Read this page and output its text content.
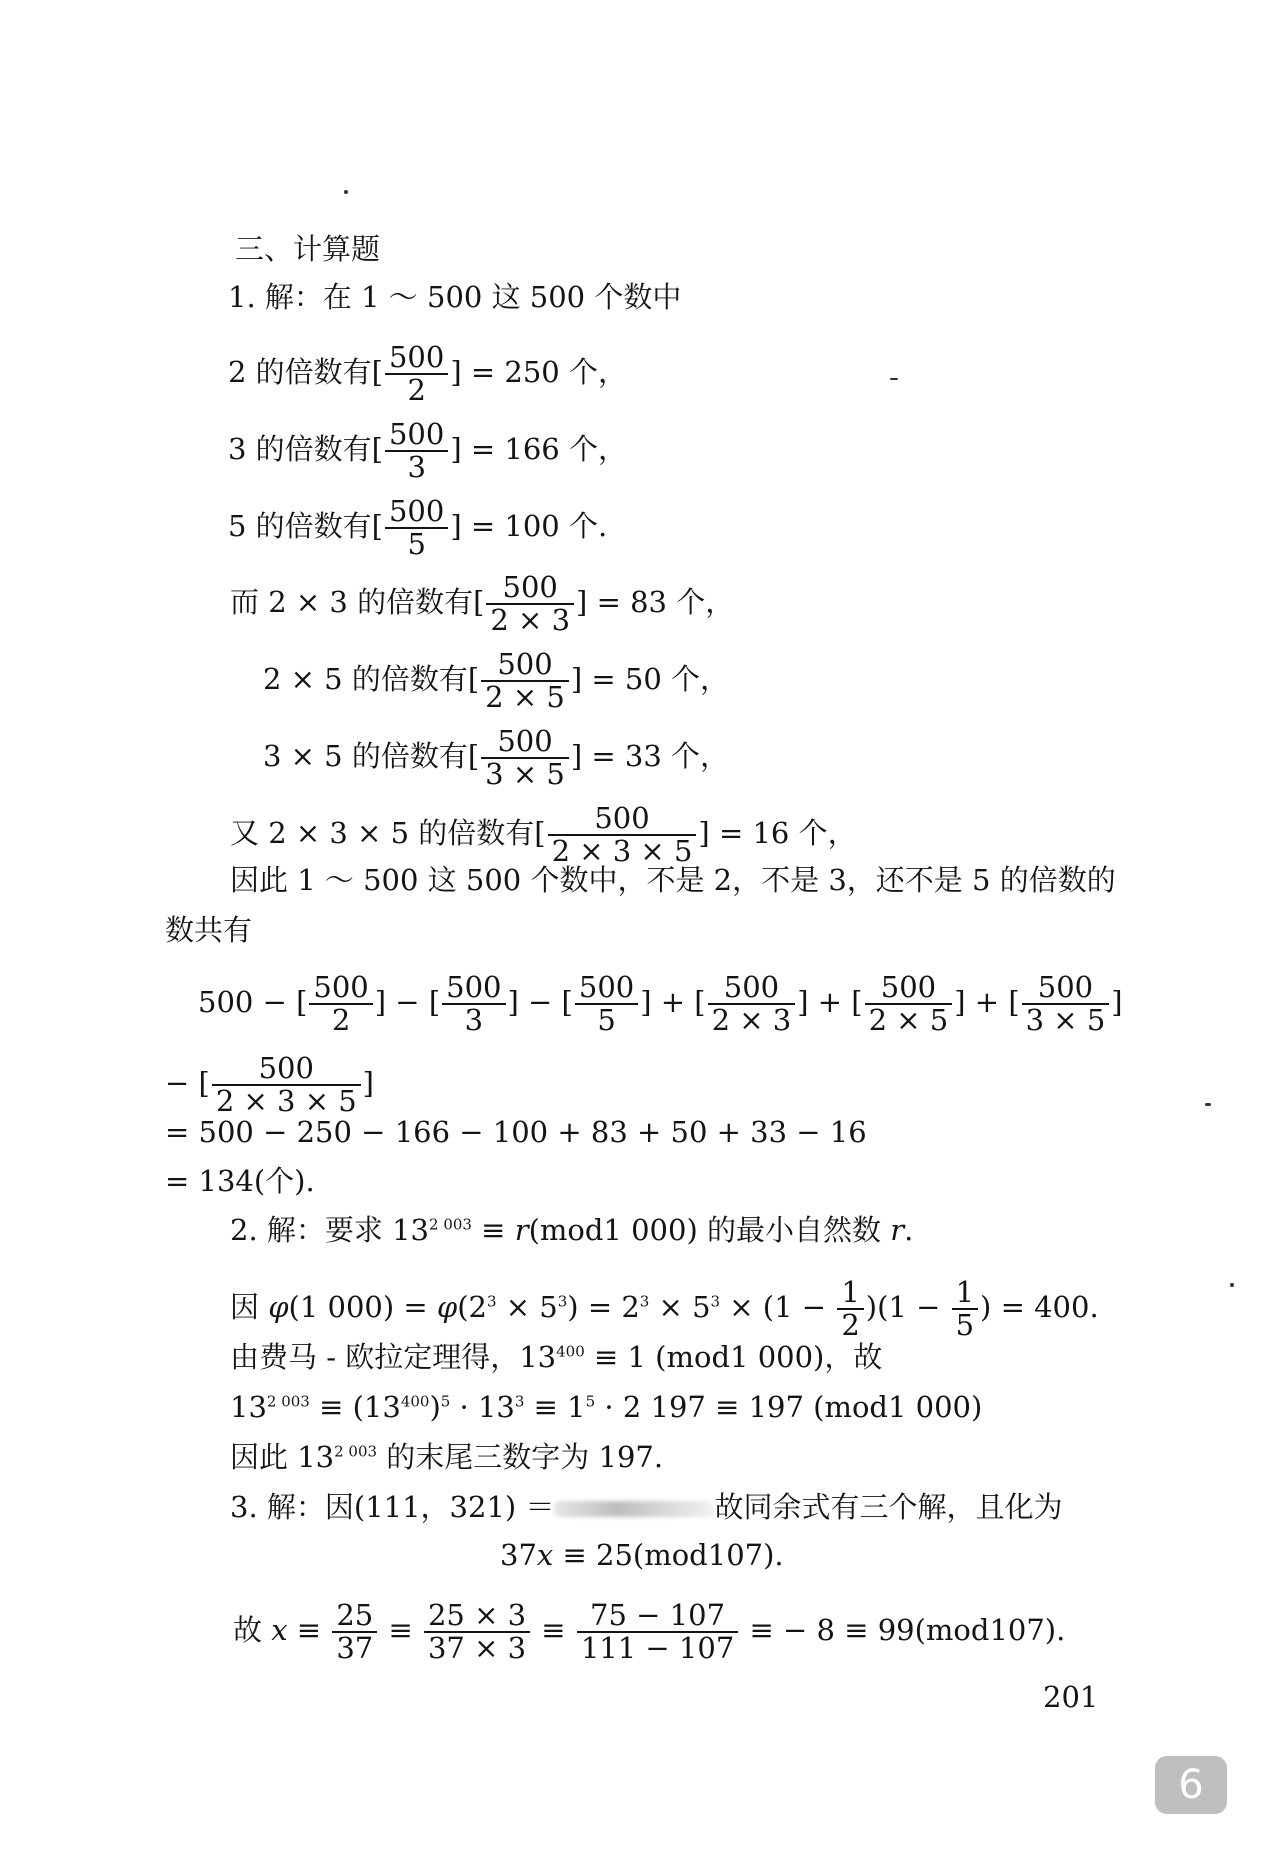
三、计算题
1. 解：在 1 ～ 500 这 500 个数中
2 的倍数有[ $\frac{500}{2}$ ] = 250 个，
3 的倍数有[ $\frac{500}{3}$ ] = 166 个，
5 的倍数有[ $\frac{500}{5}$ ] = 100 个.
而 2 × 3 的倍数有[ $\frac{500}{2 \times 3}$ ] = 83 个，
2 × 5 的倍数有[ $\frac{500}{2 \times 5}$ ] = 50 个，
3 × 5 的倍数有[ $\frac{500}{3 \times 5}$ ] = 33 个，
又 2 × 3 × 5 的倍数有[ $\frac{500}{2 \times 3 \times 5}$ ] = 16 个，
因此 1 ～ 500 这 500 个数中，不是 2，不是 3，还不是 5 的倍数的
数共有
500 − [ $\frac{500}{2}$ ] − [ $\frac{500}{3}$ ] − [ $\frac{500}{5}$ ] + [ $\frac{500}{2 \times 3}$ ] + [ $\frac{500}{2 \times 5}$ ] + [ $\frac{500}{3 \times 5}$ ]
− [ $\frac{500}{2 \times 3 \times 5}$ ]
= 500 − 250 − 166 − 100 + 83 + 50 + 33 − 16
= 134(个).
2. 解：要求 $13^{2 003} \equiv r(mod1$ 000) 的最小自然数 r.
因 φ(1 $000) = \varphi(2^3 \times 5^3) = 2^3 \times 5^3 \times (1 - \frac{1}{2} )(1 - \frac{1}{5}$ ) = 400.
由费马 - 欧拉定理得，$13^{400} \equiv 1$ (mod1 000)，故
$13^{2 003} \equiv (13^{400})^5 \cdot 13^3 \equiv 1^5 \cdot 2$ 197 ≡ 197 (mod1 000)
因此 $13^{2 003}$ 的末尾三数字为 197.
3. 解：因(111，321) ＝	故同余式有三个解，且化为
37x ≡ 25(mod107).
故 $x \equiv \frac{25}{37} \equiv \frac{25 \times 3}{37 \times 3} \equiv \frac{75 - 107}{111 - 107}$ ≡ − 8 ≡ 99(mod107).
201
6
